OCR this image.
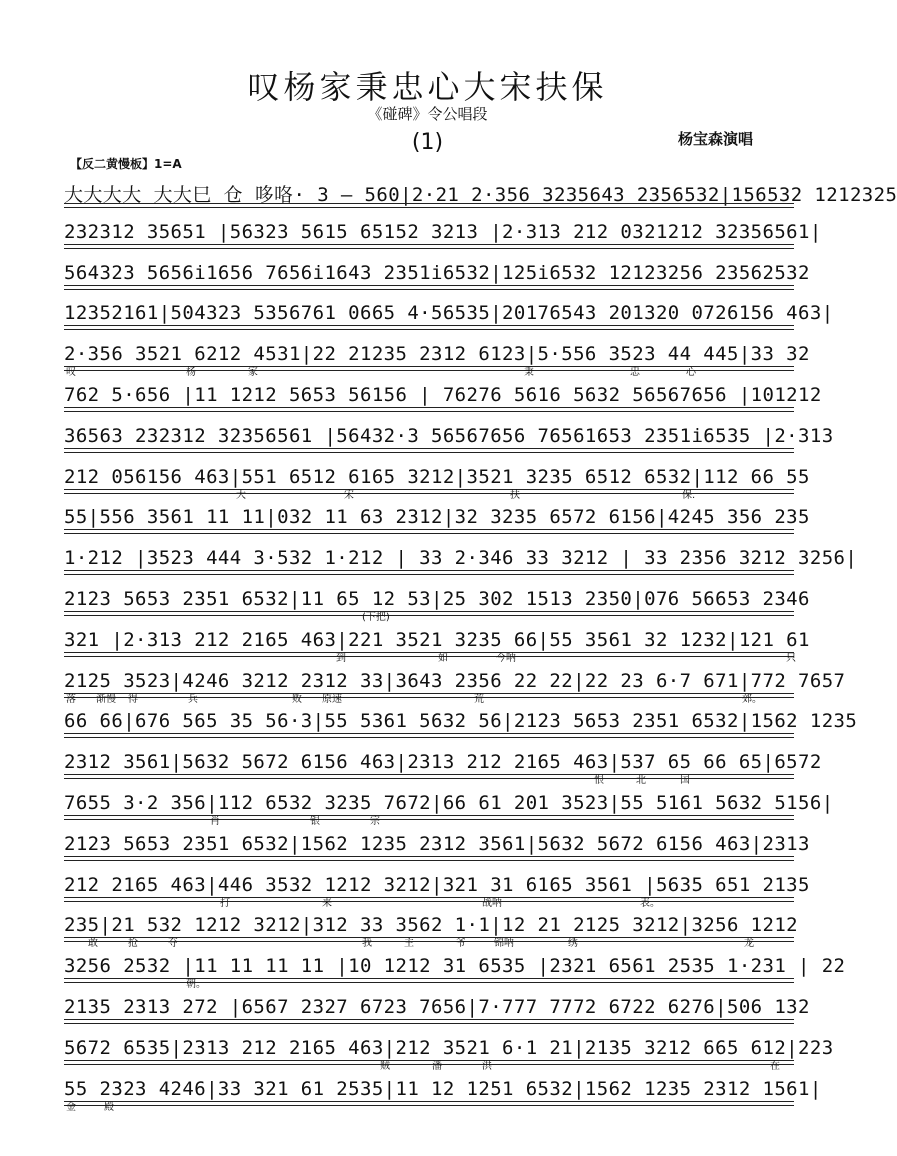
叹杨家秉忠心大宋扶保
《碰碑》令公唱段
(1)	杨宝森演唱
【反二黄慢板】1=A
大大大大 大大巳 仓 哆咯· 3 — 560|2·21 2·356 3235643 2356532|156532 1212325
232312 35651 |56323 5615 65152 3213 |2·313 212 0321212 32356561|
564323 5656i1656 7656i1643 2351i6532|125i6532 12123256 23562532
12352161|504323 5356761 0665 4·56535|20176543 201320 0726156 463|
2·356 3521 6212 4531|22 21235 2312 6123|5·556 3523 44 445|33 32
叹	杨	家	秉	忠	心
762 5·656 |11 1212 5653 56156 | 76276 5616 5632 56567656 |101212
36563 232312 32356561 |56432·3 56567656 76561653 2351i6535 |2·313
212 056156 463|551 6512 6165 3212|3521 3235 6512 6532|112 66 55
大	宋	扶	保.
55|556 3561 11 11|032 11 63 2312|32 3235 6572 6156|4245 356 235
1·212 |3523 444 3·532 1·212 | 33 2·346 33 3212 | 33 2356 3212 3256|
2123 5653 2351 6532|11 65 12 53|25 302 1513 2350|076 56653 2346
(下把)
321 |2·313 212 2165 463|221 3521 3235 66|55 3561 32 1232|121 61
到	如	今呐	只
2125 3523|4246 3212 2312 33|3643 2356 22 22|22 23 6·7 671|772 7657
落 渐慢 得	兵	败 原速	荒	郊。
66 66|676 565 35 56·3|55 5361 5632 56|2123 5653 2351 6532|1562 1235
2312 3561|5632 5672 6156 463|2313 212 2165 463|537 65 66 65|6572
恨	北	国
7655 3·2 356|112 6532 3235 7672|66 61 201 3523|55 5161 5632 5156|
肖	银	宗
2123 5653 2351 6532|1562 1235 2312 3561|5632 5672 6156 463|2313
212 2165 463|446 3532 1212 3212|321 31 6165 3561 |5635 651 2135
打	来	战呐	表。
235|21 532 1212 3212|312 33 3562 1·1|12 21 2125 3212|3256 1212
敢	抢	夺	我	主	爷	锦呐	绣	龙
3256 2532 |11 11 11 11 |10 1212 31 6535 |2321 6561 2535 1·231 | 22
朝。
2135 2313 272 |6567 2327 6723 7656|7·777 7772 6722 6276|506 132
5672 6535|2313 212 2165 463|212 3521 6·1 21|2135 3212 665 612|223
贼	潘	洪	在
55 2323 4246|33 321 61 2535|11 12 1251 6532|1562 1235 2312 1561|
金	殿
